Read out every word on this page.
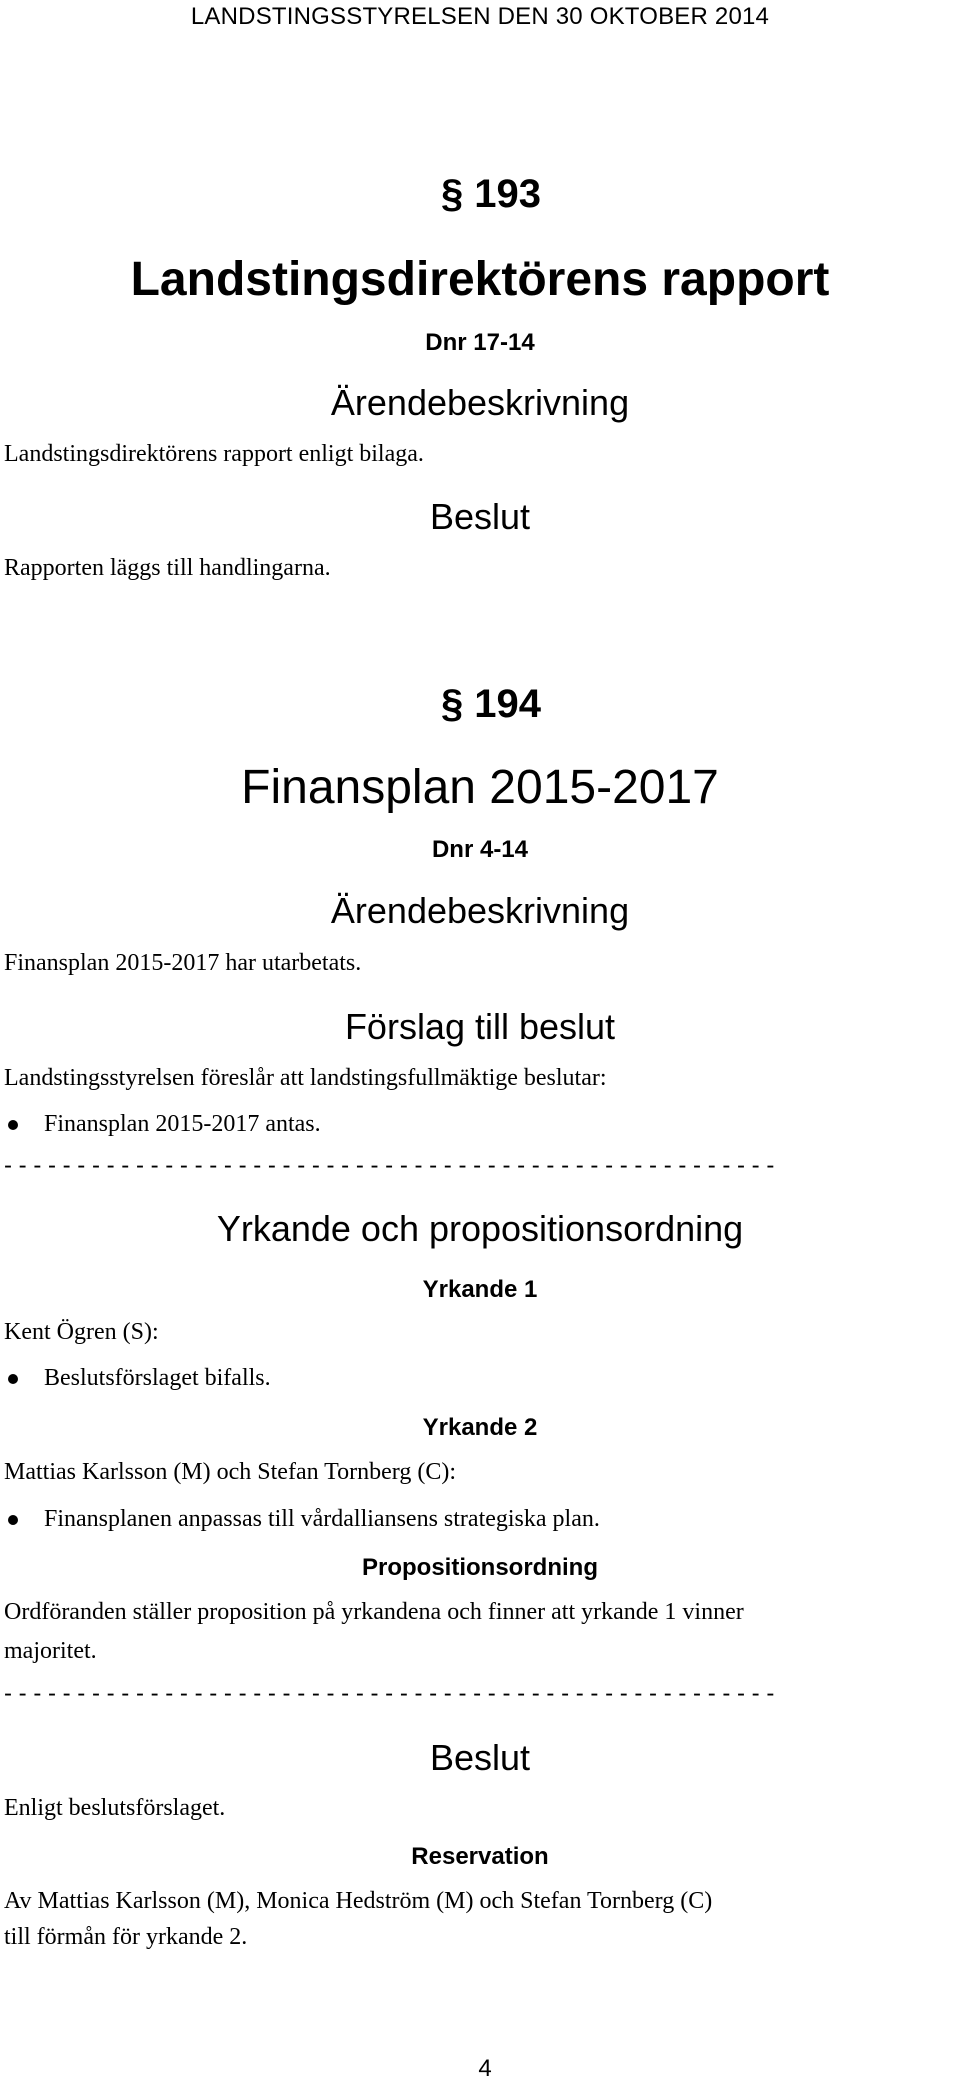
LANDSTINGSSTYRELSEN DEN 30 OKTOBER 2014
§ 193
Landstingsdirektörens rapport
Dnr 17-14
Ärendebeskrivning
Landstingsdirektörens rapport enligt bilaga.
Beslut
Rapporten läggs till handlingarna.
§ 194
Finansplan 2015-2017
Dnr 4-14
Ärendebeskrivning
Finansplan 2015-2017 har utarbetats.
Förslag till beslut
Landstingsstyrelsen föreslår att landstingsfullmäktige beslutar:
Finansplan 2015-2017 antas.
- - - - - - - - - - - - - - - - - - - - - - - - - - - - - - - - - - - - - - - - - - - - - - - - - - - - -
Yrkande och propositionsordning
Yrkande 1
Kent Ögren (S):
Beslutsförslaget bifalls.
Yrkande 2
Mattias Karlsson (M) och Stefan Tornberg (C):
Finansplanen anpassas till vårdalliansens strategiska plan.
Propositionsordning
Ordföranden ställer proposition på yrkandena och finner att yrkande 1 vinner
majoritet.
- - - - - - - - - - - - - - - - - - - - - - - - - - - - - - - - - - - - - - - - - - - - - - - - - - - - -
Beslut
Enligt beslutsförslaget.
Reservation
Av Mattias Karlsson (M), Monica Hedström (M) och Stefan Tornberg (C)
till förmån för yrkande 2.
4
